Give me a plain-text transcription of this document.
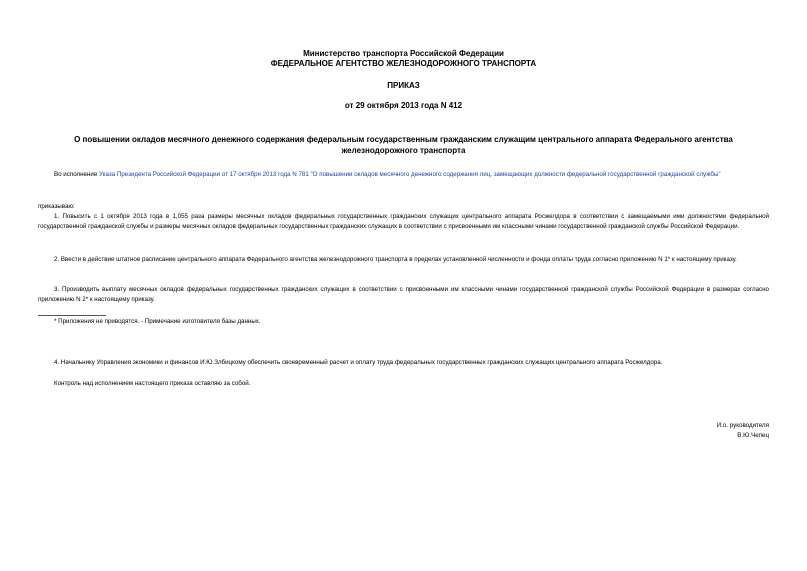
Министерство транспорта Российской Федерации
ФЕДЕРАЛЬНОЕ АГЕНТСТВО ЖЕЛЕЗНОДОРОЖНОГО ТРАНСПОРТА
ПРИКАЗ
от 29 октября 2013 года N 412
О повышении окладов месячного денежного содержания федеральным государственным гражданским служащим центрального аппарата Федерального агентства железнодорожного транспорта
Во исполнение Указа Президента Российской Федерации от 17 октября 2013 года N 781 "О повышении окладов месячного денежного содержания лиц, замещающих должности федеральной государственной гражданской службы"
приказываю:
1. Повысить с 1 октября 2013 года в 1,055 раза размеры месячных окладов федеральных государственных гражданских служащих центрального аппарата Росжелдора в соответствии с замещаемыми ими должностями федеральной государственной гражданской службы и размеры месячных окладов федеральных государственных гражданских служащих в соответствии с присвоенными им классными чинами государственной гражданской службы Российской Федерации.
2. Ввести в действие штатное расписание центрального аппарата Федерального агентства железнодорожного транспорта в пределах установленной численности и фонда оплаты труда согласно приложению N 1* к настоящему приказу.
3. Производить выплату месячных окладов федеральных государственных гражданских служащих в соответствии с присвоенными им классными чинами государственной гражданской службы Российской Федерации в размерах согласно приложению N 2* к настоящему приказу.
* Приложения не приводятся. - Примечание изготовителя базы данных.
4. Начальнику Управления экономики и финансов И.Ю.Злбицкому обеспечить своевременный расчет и оплату труда федеральных государственных гражданских служащих центрального аппарата Росжелдора.
Контроль над исполнением настоящего приказа оставляю за собой.
И.о. руководителя
В.Ю.Чепец
